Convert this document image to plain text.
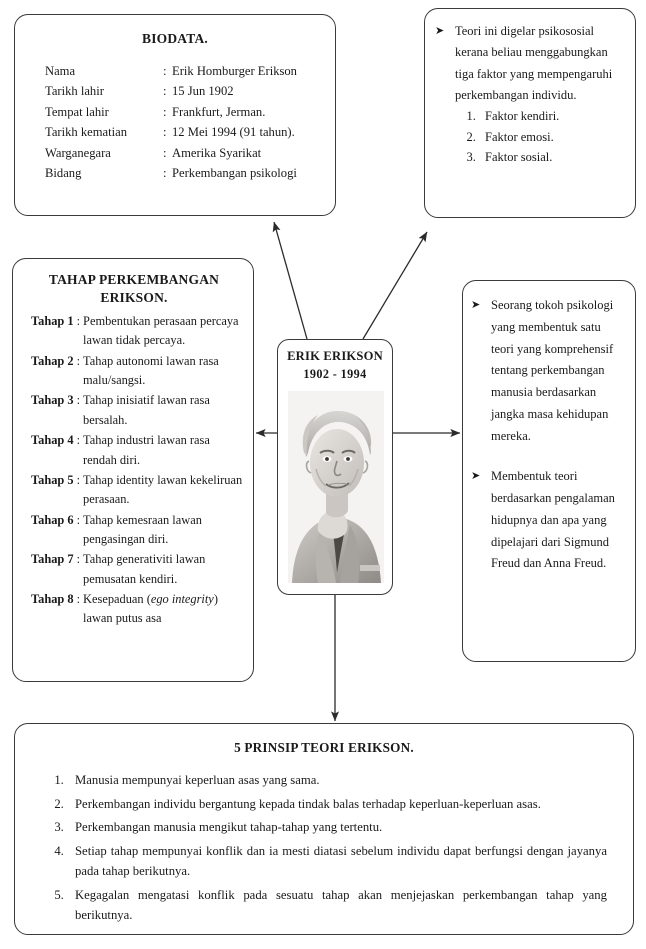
BIODATA.
Nama	:	Erik Homburger Erikson
Tarikh lahir	:	15 Jun 1902
Tempat lahir	:	Frankfurt, Jerman.
Tarikh kematian	:	12 Mei 1994 (91 tahun).
Warganegara	:	Amerika Syarikat
Bidang	:	Perkembangan psikologi
➤ Teori ini digelar psikososial kerana beliau menggabungkan tiga faktor yang mempengaruhi perkembangan individu.
1. Faktor kendiri.
2. Faktor emosi.
3. Faktor sosial.
TAHAP PERKEMBANGAN ERIKSON.
Tahap 1 : Pembentukan perasaan percaya lawan tidak percaya.
Tahap 2 : Tahap autonomi lawan rasa malu/sangsi.
Tahap 3 : Tahap inisiatif lawan rasa bersalah.
Tahap 4 : Tahap industri lawan rasa rendah diri.
Tahap 5 : Tahap identity lawan kekeliruan perasaan.
Tahap 6 : Tahap kemesraan lawan pengasingan diri.
Tahap 7 : Tahap generativiti lawan pemusatan kendiri.
Tahap 8 : Kesepaduan (ego integrity) lawan putus asa
ERIK ERIKSON
1902 - 1994
➤ Seorang tokoh psikologi yang membentuk satu teori yang komprehensif tentang perkembangan manusia berdasarkan jangka masa kehidupan mereka.
➤ Membentuk teori berdasarkan pengalaman hidupnya dan apa yang dipelajari dari Sigmund Freud dan Anna Freud.
5 PRINSIP TEORI ERIKSON.
1. Manusia mempunyai keperluan asas yang sama.
2. Perkembangan individu bergantung kepada tindak balas terhadap keperluan-keperluan asas.
3. Perkembangan manusia mengikut tahap-tahap yang tertentu.
4. Setiap tahap mempunyai konflik dan ia mesti diatasi sebelum individu dapat berfungsi dengan jayanya pada tahap berikutnya.
5. Kegagalan mengatasi konflik pada sesuatu tahap akan menjejaskan perkembangan tahap yang berikutnya.
